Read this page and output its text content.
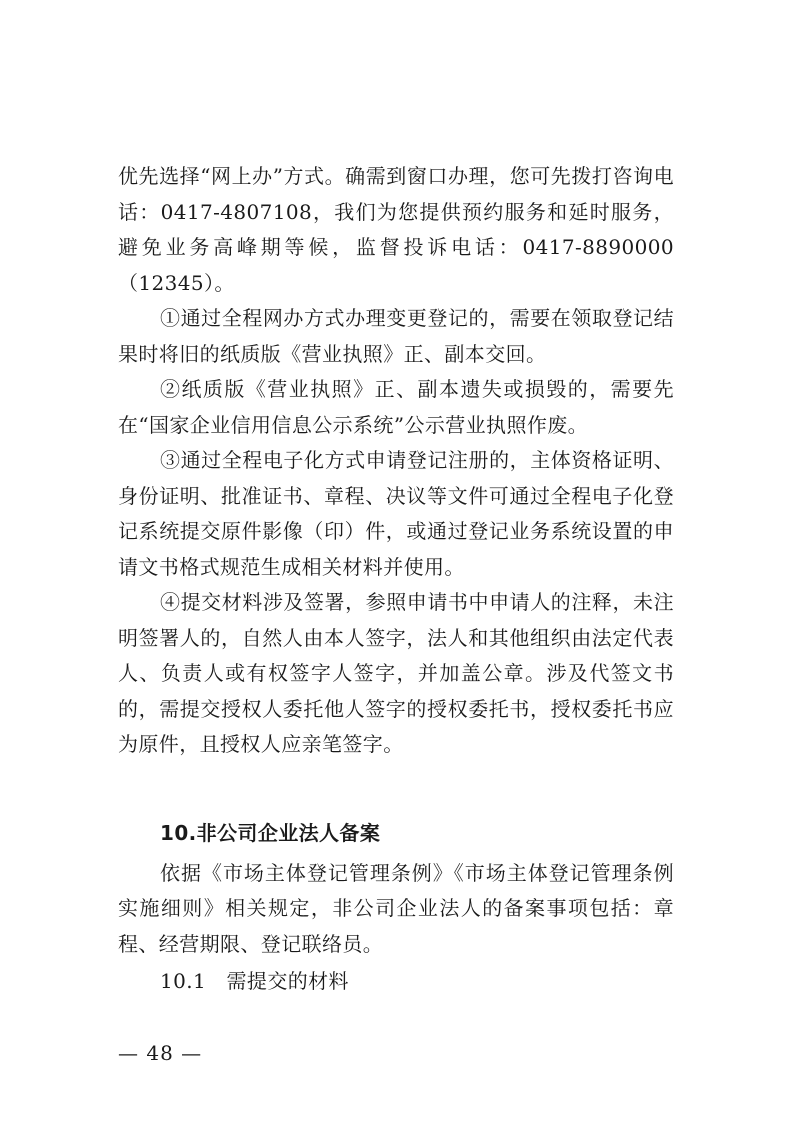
优先选择“网上办”方式。确需到窗口办理，您可先拨打咨询电话：0417-4807108，我们为您提供预约服务和延时服务，避免业务高峰期等候，监督投诉电话：0417-8890000（12345）。

①通过全程网办方式办理变更登记的，需要在领取登记结果时将旧的纸质版《营业执照》正、副本交回。

②纸质版《营业执照》正、副本遗失或损毁的，需要先在“国家企业信用信息公示系统”公示营业执照作废。

③通过全程电子化方式申请登记注册的，主体资格证明、身份证明、批准证书、章程、决议等文件可通过全程电子化登记系统提交原件影像（印）件，或通过登记业务系统设置的申请文书格式规范生成相关材料并使用。

④提交材料涉及签署，参照申请书中申请人的注释，未注明签署人的，自然人由本人签字，法人和其他组织由法定代表人、负责人或有权签字人签字，并加盖公章。涉及代签文书的，需提交授权人委托他人签字的授权委托书，授权委托书应为原件，且授权人应亲笔签字。

10.非公司企业法人备案

依据《市场主体登记管理条例》《市场主体登记管理条例实施细则》相关规定，非公司企业法人的备案事项包括：章程、经营期限、登记联络员。

10.1　需提交的材料

— 48 —
